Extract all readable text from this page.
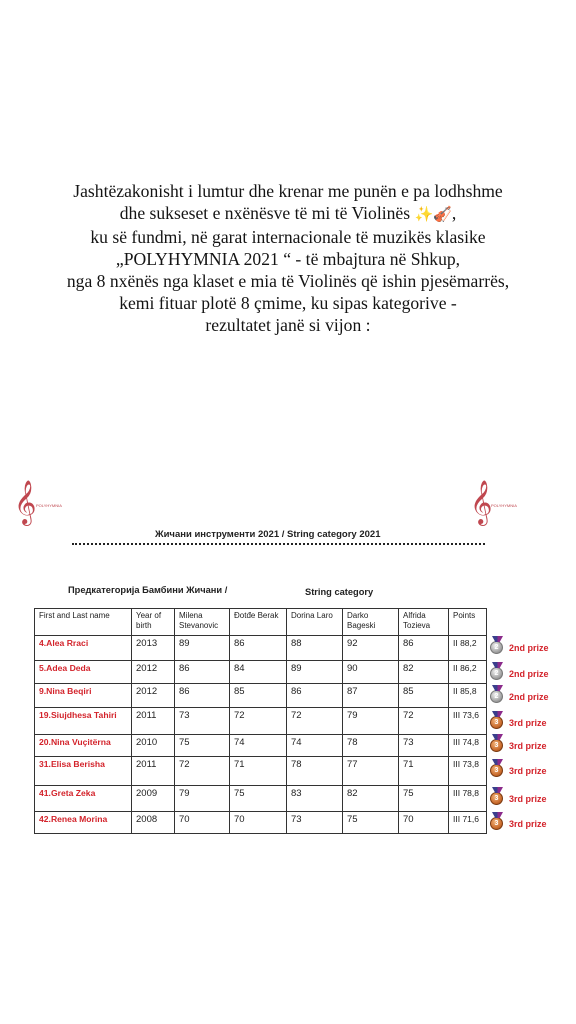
Jashtëzakonisht i lumtur dhe krenar me punën e pa lodhshme
dhe sukseset e nxënësve të mi të Violinës ✨🎻,
ku së fundmi, në garat internacionale të muzikës klasike
„POLYHYMNIA 2021 “ - të mbajtura në Shkup,
nga 8 nxënës nga klaset e mia të Violinës që ishin pjesëmarrës,
kemi fituar plotë 8 çmime, ku sipas kategorive -
rezultatet janë si vijon :
𝄞 POLYHYMNIA	𝄞
POLYHYMNIA
Жичани инструменти 2021 / String category 2021
Предкатегорија Бамбини Жичани /	String category
First and Last name	Year of birth	Milena Stevanovic	Đotđe Berak	Dorina Laro	Darko Bageski	Alfrida Tozieva	Points
4.Alea Rraci	2013	89	86	88	92	86	II 88,2
5.Adea Deda	2012	86	84	89	90	82	II 86,2
9.Nina Beqiri	2012	86	85	86	87	85	II 85,8
19.Siujdhesa Tahiri	2011	73	72	72	79	72	III 73,6
20.Nina Vuçitërna	2010	75	74	74	78	73	III 74,8
31.Elisa Berisha	2011	72	71	78	77	71	III 73,8
41.Greta Zeka	2009	79	75	83	82	75	III 78,8
42.Renea Morina	2008	70	70	73	75	70	III 71,6
2	2nd prize
2	2nd prize
2	2nd prize
3	3rd prize
3	3rd prize
3	3rd prize
3	3rd prize
3	3rd prize
